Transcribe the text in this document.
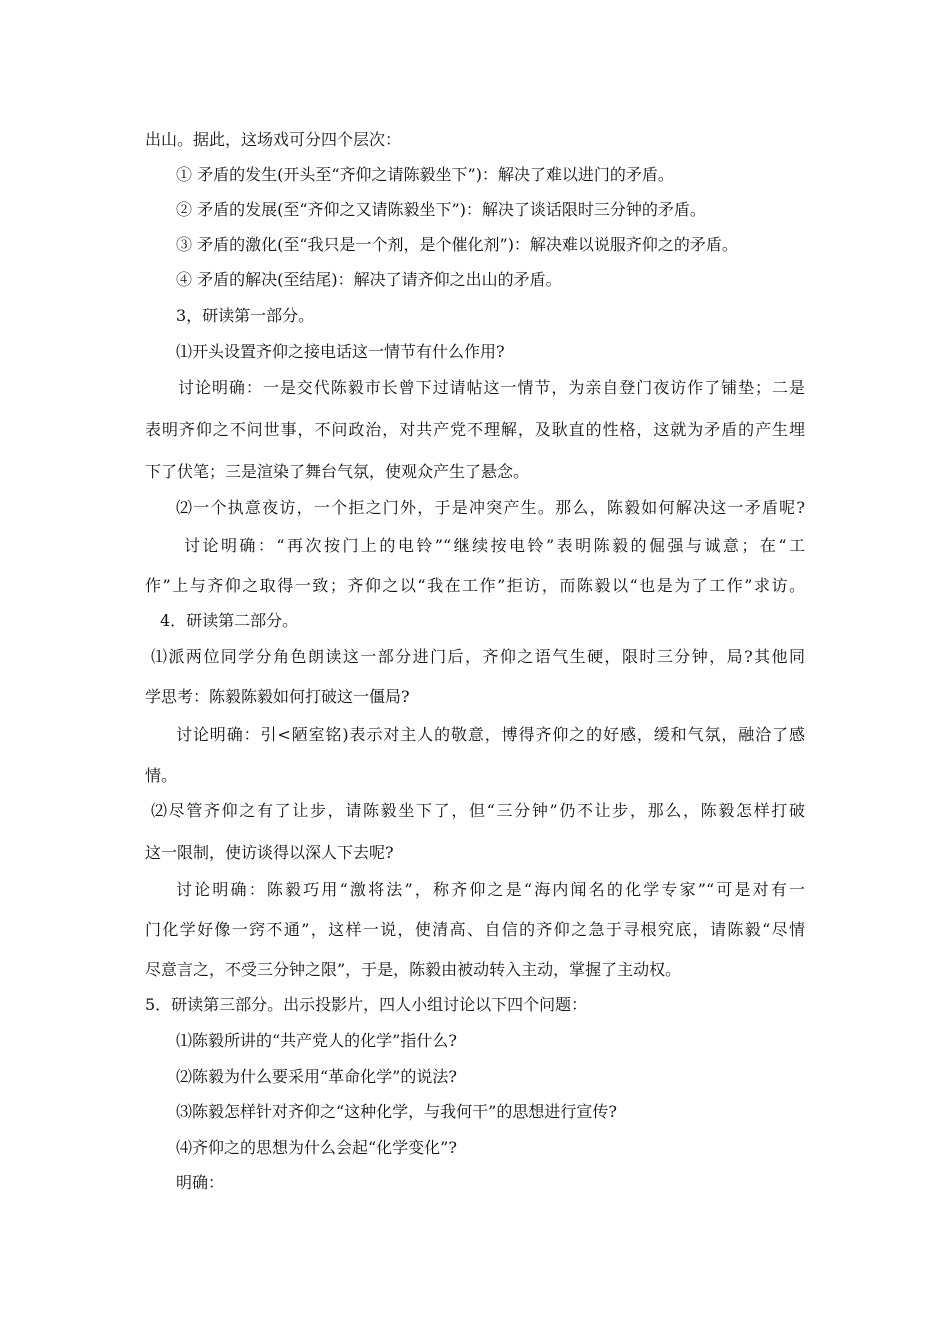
出山。据此，这场戏可分四个层次：
① 矛盾的发生(开头至“齐仰之请陈毅坐下”)：解决了难以进门的矛盾。
② 矛盾的发展(至“齐仰之又请陈毅坐下”)：解决了谈话限时三分钟的矛盾。
③ 矛盾的激化(至“我只是一个剂，是个催化剂”)：解决难以说服齐仰之的矛盾。
④ 矛盾的解决(至结尾)：解决了请齐仰之出山的矛盾。
3，研读第一部分。
⑴开头设置齐仰之接电话这一情节有什么作用?
讨论明确：一是交代陈毅市长曾下过请帖这一情节，为亲自登门夜访作了铺垫；二是
表明齐仰之不问世事，不问政治，对共产党不理解，及耿直的性格，这就为矛盾的产生埋
下了伏笔；三是渲染了舞台气氛，使观众产生了悬念。
⑵一个执意夜访，一个拒之门外，于是冲突产生。那么，陈毅如何解决这一矛盾呢?
讨论明确：“再次按门上的电铃”“继续按电铃”表明陈毅的倔强与诚意；在“工
作”上与齐仰之取得一致；齐仰之以“我在工作”拒访，而陈毅以“也是为了工作”求访。
4．研读第二部分。
⑴派两位同学分角色朗读这一部分进门后，齐仰之语气生硬，限时三分钟，局?其他同
学思考：陈毅陈毅如何打破这一僵局?
讨论明确：引<陋室铭)表示对主人的敬意，博得齐仰之的好感，缓和气氛，融洽了感
情。
⑵尽管齐仰之有了让步，请陈毅坐下了，但“三分钟”仍不让步，那么，陈毅怎样打破
这一限制，使访谈得以深人下去呢?
讨论明确：陈毅巧用“激将法”，称齐仰之是“海内闻名的化学专家”“可是对有一
门化学好像一窍不通”，这样一说，使清高、自信的齐仰之急于寻根究底，请陈毅“尽情
尽意言之，不受三分钟之限”，于是，陈毅由被动转入主动，掌握了主动权。
5．研读第三部分。出示投影片，四人小组讨论以下四个问题：
⑴陈毅所讲的“共产党人的化学”指什么?
⑵陈毅为什么要采用“革命化学”的说法?
⑶陈毅怎样针对齐仰之“这种化学，与我何干”的思想进行宣传?
⑷齐仰之的思想为什么会起“化学变化”?
明确：
